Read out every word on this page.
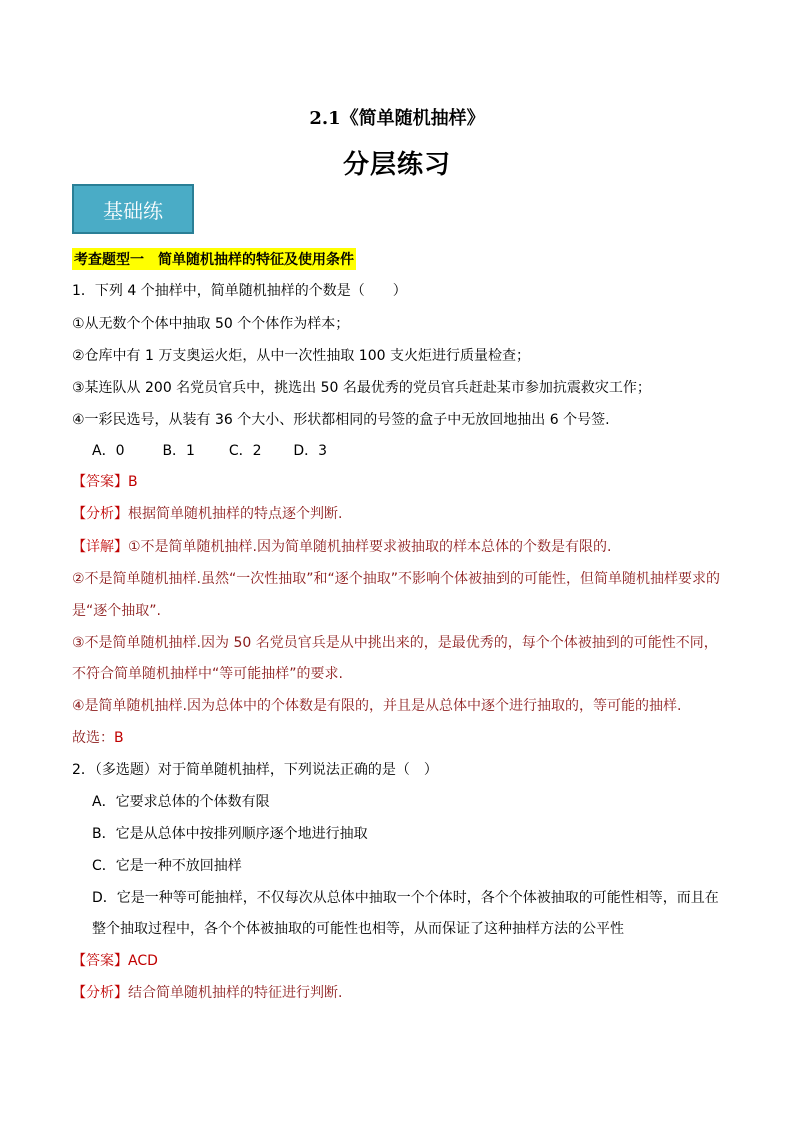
2.1《简单随机抽样》
分层练习
基础练
考查题型一　简单随机抽样的特征及使用条件
1．下列 4 个抽样中，简单随机抽样的个数是（　　）
①从无数个个体中抽取 50 个个体作为样本；
②仓库中有 1 万支奥运火炬，从中一次性抽取 100 支火炬进行质量检查；
③某连队从 200 名党员官兵中，挑选出 50 名最优秀的党员官兵赶赴某市参加抗震救灾工作；
④一彩民选号，从装有 36 个大小、形状都相同的号签的盒子中无放回地抽出 6 个号签.
A．0	B．1 C．2 D．3
【答案】B
【分析】根据简单随机抽样的特点逐个判断.
【详解】①不是简单随机抽样.因为简单随机抽样要求被抽取的样本总体的个数是有限的.
②不是简单随机抽样.虽然“一次性抽取”和“逐个抽取”不影响个体被抽到的可能性，但简单随机抽样要求的
是“逐个抽取”.
③不是简单随机抽样.因为 50 名党员官兵是从中挑出来的，是最优秀的，每个个体被抽到的可能性不同，
不符合简单随机抽样中“等可能抽样”的要求.
④是简单随机抽样.因为总体中的个体数是有限的，并且是从总体中逐个进行抽取的，等可能的抽样.
故选：B
2．（多选题）对于简单随机抽样，下列说法正确的是（　）
A．它要求总体的个体数有限
B．它是从总体中按排列顺序逐个地进行抽取
C．它是一种不放回抽样
D．它是一种等可能抽样，不仅每次从总体中抽取一个个体时，各个个体被抽取的可能性相等，而且在
整个抽取过程中，各个个体被抽取的可能性也相等，从而保证了这种抽样方法的公平性
【答案】ACD
【分析】结合简单随机抽样的特征进行判断.
